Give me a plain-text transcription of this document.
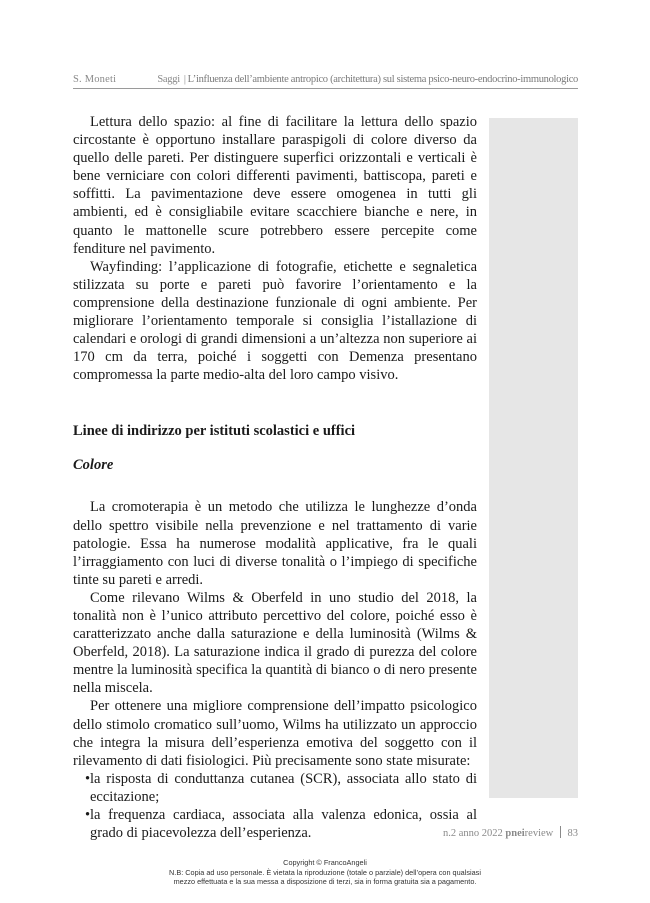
S. Moneti	Saggi | L’influenza dell’ambiente antropico (architettura) sul sistema psico-neuro-endocrino-immunologico

Lettura dello spazio: al fine di facilitare la lettura dello spazio circostante è opportuno installare paraspigoli di colore diverso da quello delle pareti. Per distinguere superfici orizzontali e verticali è bene verniciare con colori differenti pavimenti, battiscopa, pareti e soffitti. La pavimentazione deve essere omogenea in tutti gli ambienti, ed è consigliabile evitare scacchiere bianche e nere, in quanto le mattonelle scure potrebbero essere percepite come fenditure nel pavimento.

Wayfinding: l’applicazione di fotografie, etichette e segnaletica stilizzata su porte e pareti può favorire l’orientamento e la comprensione della destinazione funzionale di ogni ambiente. Per migliorare l’orientamento temporale si consiglia l’istallazione di calendari e orologi di grandi dimensioni a un’altezza non superiore ai 170 cm da terra, poiché i soggetti con Demenza presentano compromessa la parte medio-alta del loro campo visivo.

Linee di indirizzo per istituti scolastici e uffici
Colore

La cromoterapia è un metodo che utilizza le lunghezze d’onda dello spettro visibile nella prevenzione e nel trattamento di varie patologie. Essa ha numerose modalità applicative, fra le quali l’irraggiamento con luci di diverse tonalità o l’impiego di specifiche tinte su pareti e arredi.

Come rilevano Wilms & Oberfeld in uno studio del 2018, la tonalità non è l’unico attributo percettivo del colore, poiché esso è caratterizzato anche dalla saturazione e della luminosità (Wilms & Oberfeld, 2018). La saturazione indica il grado di purezza del colore mentre la luminosità specifica la quantità di bianco o di nero presente nella miscela.

Per ottenere una migliore comprensione dell’impatto psicologico dello stimolo cromatico sull’uomo, Wilms ha utilizzato un approccio che integra la misura dell’esperienza emotiva del soggetto con il rilevamento di dati fisiologici. Più precisamente sono state misurate:

• la risposta di conduttanza cutanea (SCR), associata allo stato di eccitazione;
• la frequenza cardiaca, associata alla valenza edonica, ossia al grado di piacevolezza dell’esperienza.	n.2 anno 2022 pneireview 83
Copyright © FrancoAngeli
N.B: Copia ad uso personale. È vietata la riproduzione (totale o parziale) dell’opera con qualsiasi
mezzo effettuata e la sua messa a disposizione di terzi, sia in forma gratuita sia a pagamento.
